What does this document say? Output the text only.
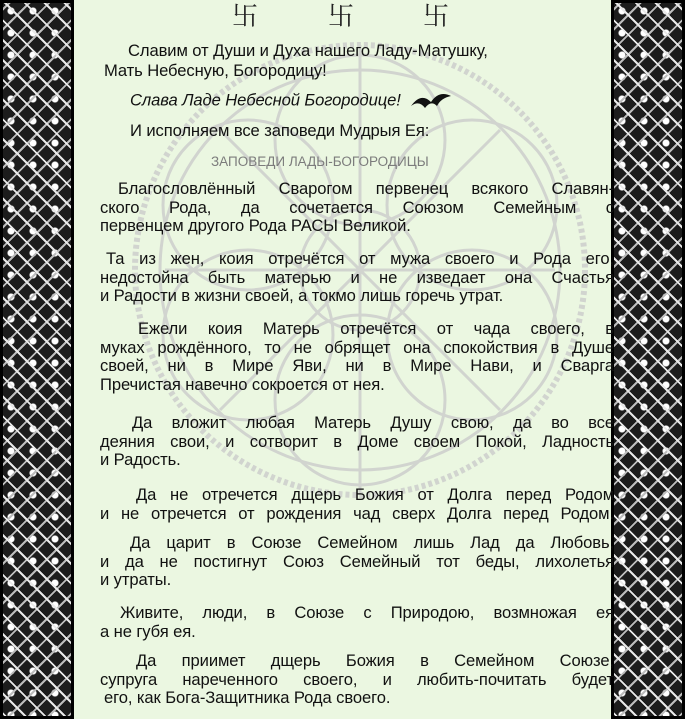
卐	卐	卐
Славим от Души и Духа нашего Ладу-Матушку,
Мать Небесную, Богородицу!
Слава Ладе Небесной Богородице!
И исполняем все заповеди Мудрыя Ея:
ЗАПОВЕДИ ЛАДЫ-БОГОРОДИЦЫ
Благословлённый Сварогом первенец всякого Славян-
ского Рода, да сочетается Союзом Семейным с
первенцем другого Рода РАСЫ Великой.
Та из жен, коия отречётся от мужа своего и Рода его,
недостойна быть матерью и не изведает она Счастья
и Радости в жизни своей, а токмо лишь горечь утрат.
Ежели коия Матерь отречётся от чада своего, в
муках рождённого, то не обрящет она спокойствия в Душе
своей, ни в Мире Яви, ни в Мире Нави, и Сварга
Пречистая навечно сокроется от нея.
Да вложит любая Матерь Душу свою, да во все
деяния свои, и сотворит в Доме своем Покой, Ладность
и Радость.
Да не отречется дщерь Божия от Долга перед Родом
и не отречется от рождения чад сверх Долга перед Родом.
Да царит в Союзе Семейном лишь Лад да Любовь,
и да не постигнут Союз Семейный тот беды, лихолетья
и утраты.
Живите, люди, в Союзе с Природою, возмножая ея
а не губя ея.
Да приимет дщерь Божия в Семейном Союзе,
супруга нареченного своего, и любить-почитать будет
его, как Бога-Защитника Рода своего.
